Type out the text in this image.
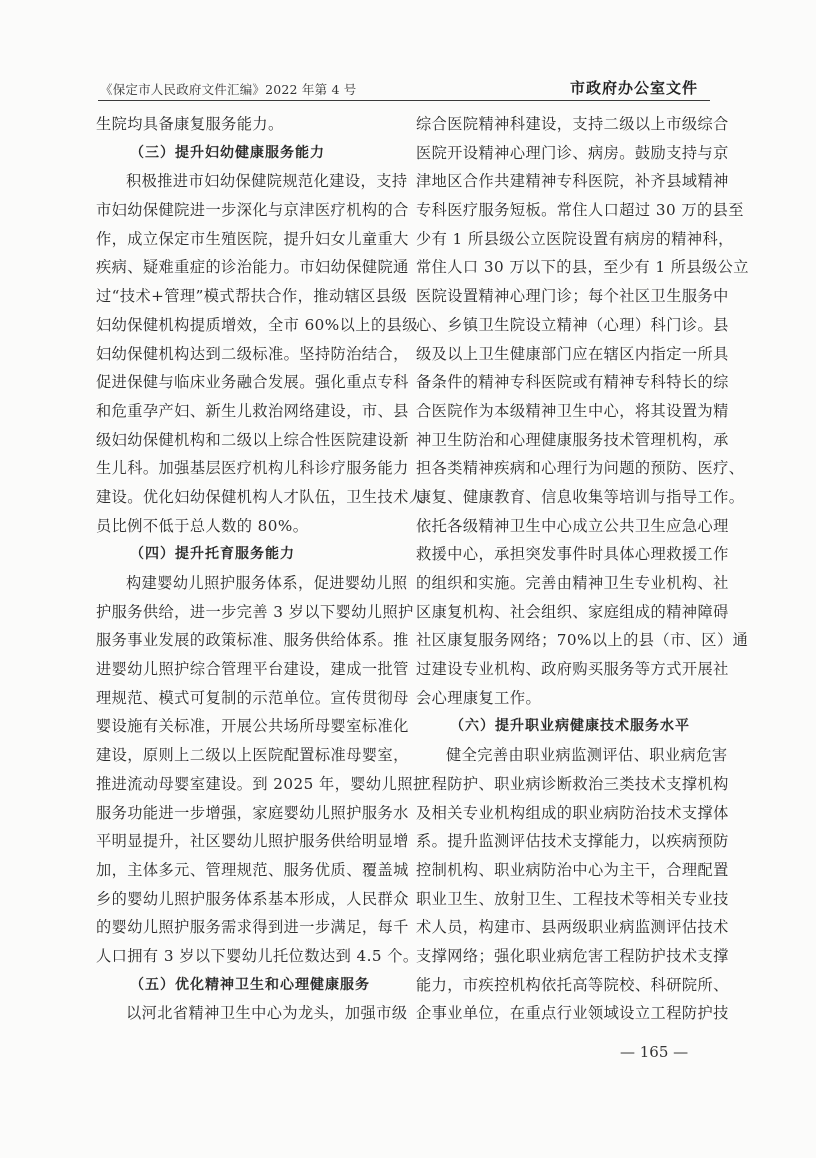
《保定市人民政府文件汇编》2022 年第 4 号	市政府办公室文件
生院均具备康复服务能力。
（三）提升妇幼健康服务能力
积极推进市妇幼保健院规范化建设，支持
市妇幼保健院进一步深化与京津医疗机构的合
作，成立保定市生殖医院，提升妇女儿童重大
疾病、疑难重症的诊治能力。市妇幼保健院通
过“技术+管理”模式帮扶合作，推动辖区县级
妇幼保健机构提质增效，全市 60%以上的县级
妇幼保健机构达到二级标准。坚持防治结合，
促进保健与临床业务融合发展。强化重点专科
和危重孕产妇、新生儿救治网络建设，市、县
级妇幼保健机构和二级以上综合性医院建设新
生儿科。加强基层医疗机构儿科诊疗服务能力
建设。优化妇幼保健机构人才队伍，卫生技术人
员比例不低于总人数的 80%。
（四）提升托育服务能力
构建婴幼儿照护服务体系，促进婴幼儿照
护服务供给，进一步完善 3 岁以下婴幼儿照护
服务事业发展的政策标准、服务供给体系。推
进婴幼儿照护综合管理平台建设，建成一批管
理规范、模式可复制的示范单位。宣传贯彻母
婴设施有关标准，开展公共场所母婴室标准化
建设，原则上二级以上医院配置标准母婴室，
推进流动母婴室建设。到 2025 年，婴幼儿照护
服务功能进一步增强，家庭婴幼儿照护服务水
平明显提升，社区婴幼儿照护服务供给明显增
加，主体多元、管理规范、服务优质、覆盖城
乡的婴幼儿照护服务体系基本形成，人民群众
的婴幼儿照护服务需求得到进一步满足，每千
人口拥有 3 岁以下婴幼儿托位数达到 4.5 个。
（五）优化精神卫生和心理健康服务
以河北省精神卫生中心为龙头，加强市级
综合医院精神科建设，支持二级以上市级综合
医院开设精神心理门诊、病房。鼓励支持与京
津地区合作共建精神专科医院，补齐县域精神
专科医疗服务短板。常住人口超过 30 万的县至
少有 1 所县级公立医院设置有病房的精神科，
常住人口 30 万以下的县，至少有 1 所县级公立
医院设置精神心理门诊；每个社区卫生服务中
心、乡镇卫生院设立精神（心理）科门诊。县
级及以上卫生健康部门应在辖区内指定一所具
备条件的精神专科医院或有精神专科特长的综
合医院作为本级精神卫生中心，将其设置为精
神卫生防治和心理健康服务技术管理机构，承
担各类精神疾病和心理行为问题的预防、医疗、
康复、健康教育、信息收集等培训与指导工作。
依托各级精神卫生中心成立公共卫生应急心理
救援中心，承担突发事件时具体心理救援工作
的组织和实施。完善由精神卫生专业机构、社
区康复机构、社会组织、家庭组成的精神障碍
社区康复服务网络；70%以上的县（市、区）通
过建设专业机构、政府购买服务等方式开展社
会心理康复工作。
（六）提升职业病健康技术服务水平
健全完善由职业病监测评估、职业病危害
工程防护、职业病诊断救治三类技术支撑机构
及相关专业机构组成的职业病防治技术支撑体
系。提升监测评估技术支撑能力，以疾病预防
控制机构、职业病防治中心为主干，合理配置
职业卫生、放射卫生、工程技术等相关专业技
术人员，构建市、县两级职业病监测评估技术
支撑网络；强化职业病危害工程防护技术支撑
能力，市疾控机构依托高等院校、科研院所、
企事业单位，在重点行业领域设立工程防护技
— 165 —
